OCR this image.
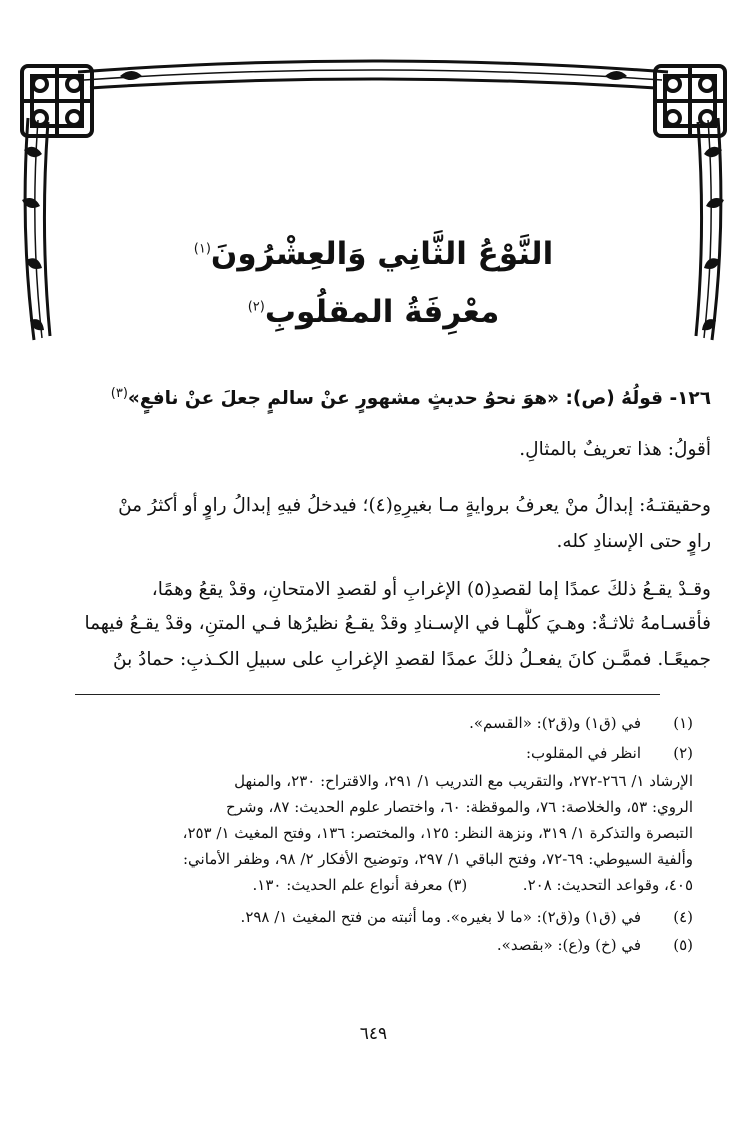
النَّوْعُ الثَّانِي وَالعِشْرُونَ$^{(١)}$
معْرِفَةُ المقلُوبِ$^{(٢)}$
١٢٦- قولُهُ (ص): «هوَ نحوُ حديثٍ مشهورٍ عنْ سالمٍ جعلَ عنْ نافعٍ»$^{(٣)}$
أقولُ: هذا تعريفٌ بالمثالِ.
وحقيقتـهُ: إبدالُ منْ يعرفُ بروايةٍ مـا بغيرِهِ(٤)؛ فيدخلُ فيهِ إبدالُ راوٍ أو أكثرُ منْ
راوٍ حتى الإسنادِ كله.
وقـدْ يقـعُ ذلكَ عمدًا إما لقصدِ(٥) الإغرابِ أو لقصدِ الامتحانِ، وقدْ يقعُ وهمًا،
فأقسـامهُ ثلاثـةٌ: وهـيَ كلُّهـا في الإسـنادِ وقدْ يقـعُ نظيرُها فـي المتنِ، وقدْ يقـعُ فيهما
جميعًـا. فممَّـن كانَ يفعـلُ ذلكَ عمدًا لقصدِ الإغرابِ على سبيلِ الكـذبِ: حمادُ بنُ
(١)في (ق١) و(ق٢): «القسم».
(٢)انظر في المقلوب:
الإرشاد ١/ ٢٦٦-٢٧٢، والتقريب مع التدريب ١/ ٢٩١، والاقتراح: ٢٣٠، والمنهل
الروي: ٥٣، والخلاصة: ٧٦، والموقظة: ٦٠، واختصار علوم الحديث: ٨٧، وشرح
التبصرة والتذكرة ١/ ٣١٩، ونزهة النظر: ١٢٥، والمختصر: ١٣٦، وفتح المغيث ١/ ٢٥٣،
وألفية السيوطي: ٦٩-٧٢، وفتح الباقي ١/ ٢٩٧، وتوضيح الأفكار ٢/ ٩٨، وظفر الأماني:
٤٠٥، وقواعد التحديث: ٢٠٨.  (٣) معرفة أنواع علم الحديث: ١٣٠.
(٤)في (ق١) و(ق٢): «ما لا بغيره». وما أثبته من فتح المغيث ١/ ٢٩٨.
(٥)في (خ) و(ع): «بقصد».
٦٤٩
